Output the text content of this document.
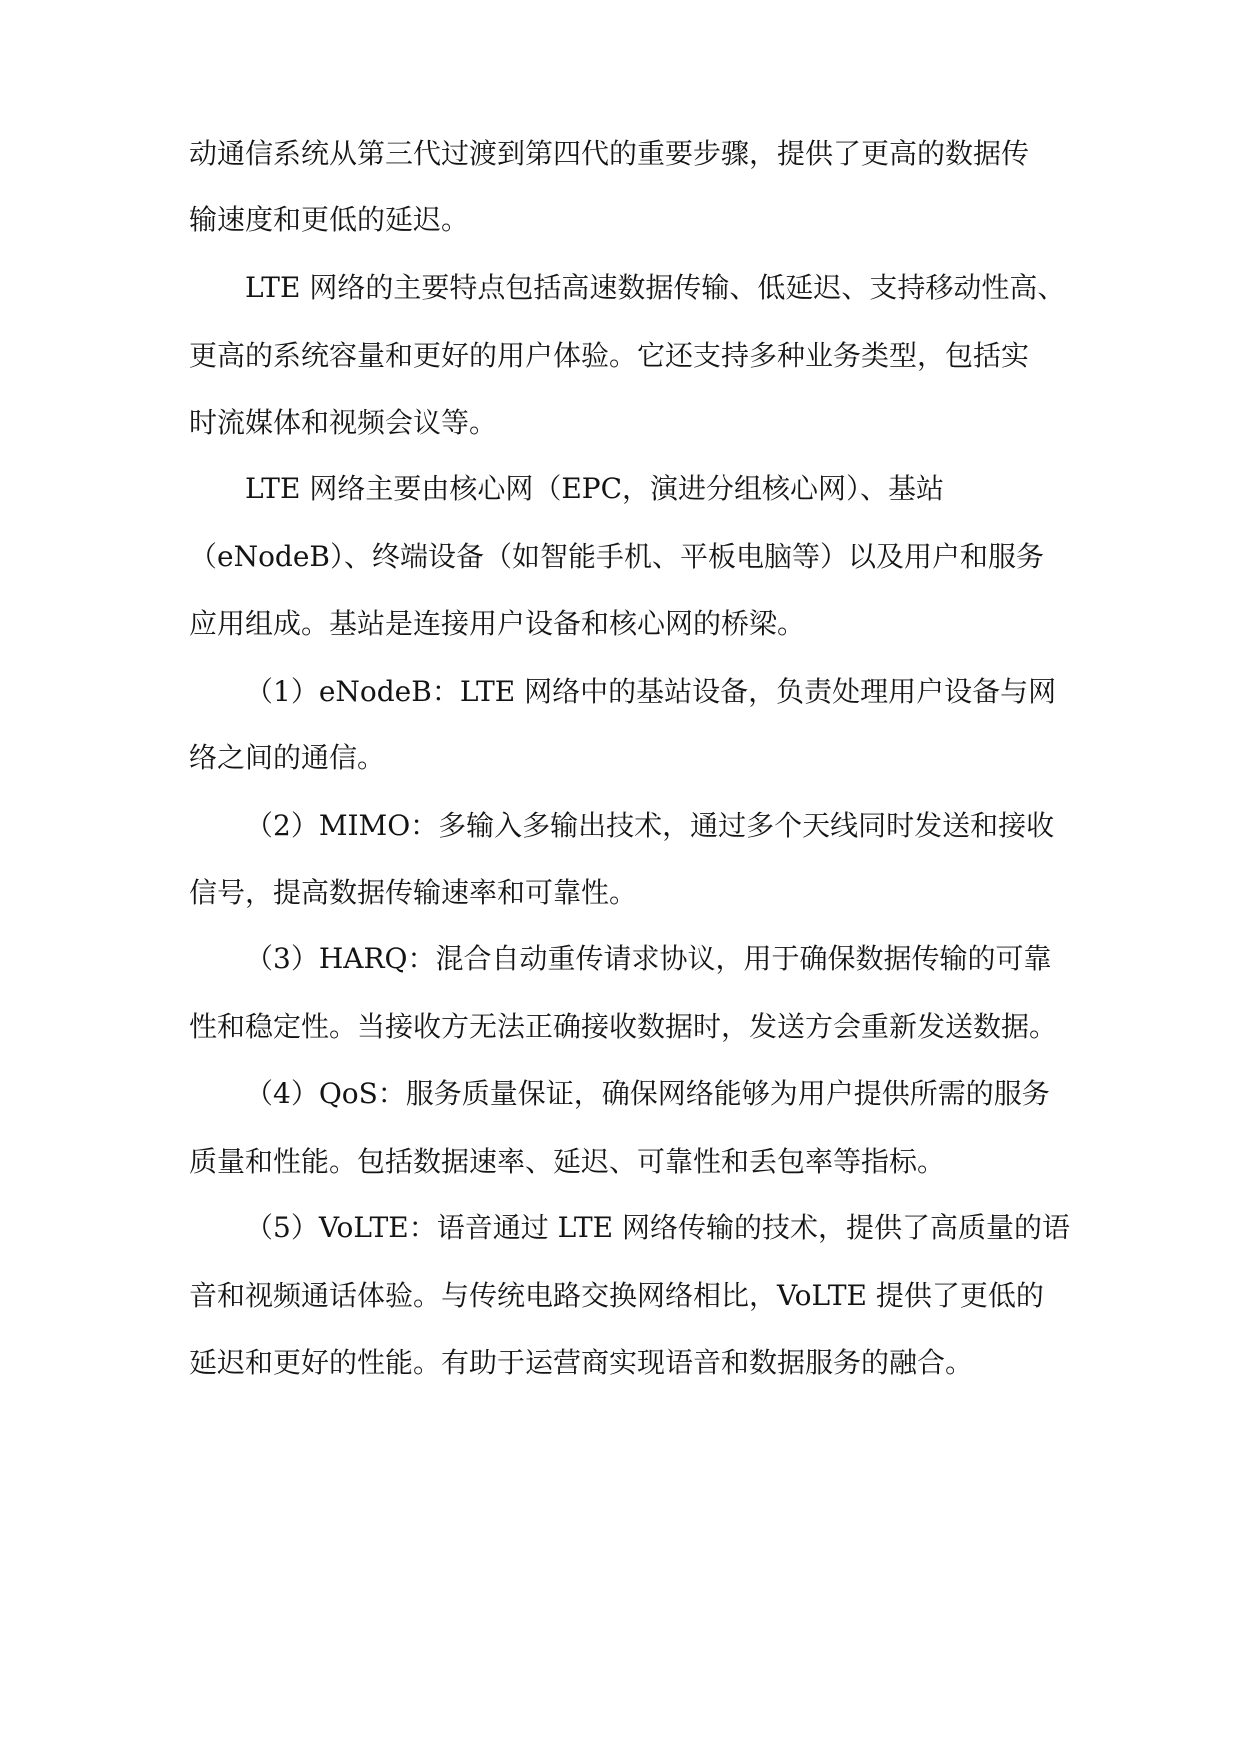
动通信系统从第三代过渡到第四代的重要步骤，提供了更高的数据传
输速度和更低的延迟。
LTE 网络的主要特点包括高速数据传输、低延迟、支持移动性高、
更高的系统容量和更好的用户体验。它还支持多种业务类型，包括实
时流媒体和视频会议等。
LTE 网络主要由核心网（EPC，演进分组核心网）、基站
（eNodeB）、终端设备（如智能手机、平板电脑等）以及用户和服务
应用组成。基站是连接用户设备和核心网的桥梁。
（1）eNodeB：LTE 网络中的基站设备，负责处理用户设备与网
络之间的通信。
（2）MIMO：多输入多输出技术，通过多个天线同时发送和接收
信号，提高数据传输速率和可靠性。
（3）HARQ：混合自动重传请求协议，用于确保数据传输的可靠
性和稳定性。当接收方无法正确接收数据时，发送方会重新发送数据。
（4）QoS：服务质量保证，确保网络能够为用户提供所需的服务
质量和性能。包括数据速率、延迟、可靠性和丢包率等指标。
（5）VoLTE：语音通过 LTE 网络传输的技术，提供了高质量的语
音和视频通话体验。与传统电路交换网络相比，VoLTE 提供了更低的
延迟和更好的性能。有助于运营商实现语音和数据服务的融合。
